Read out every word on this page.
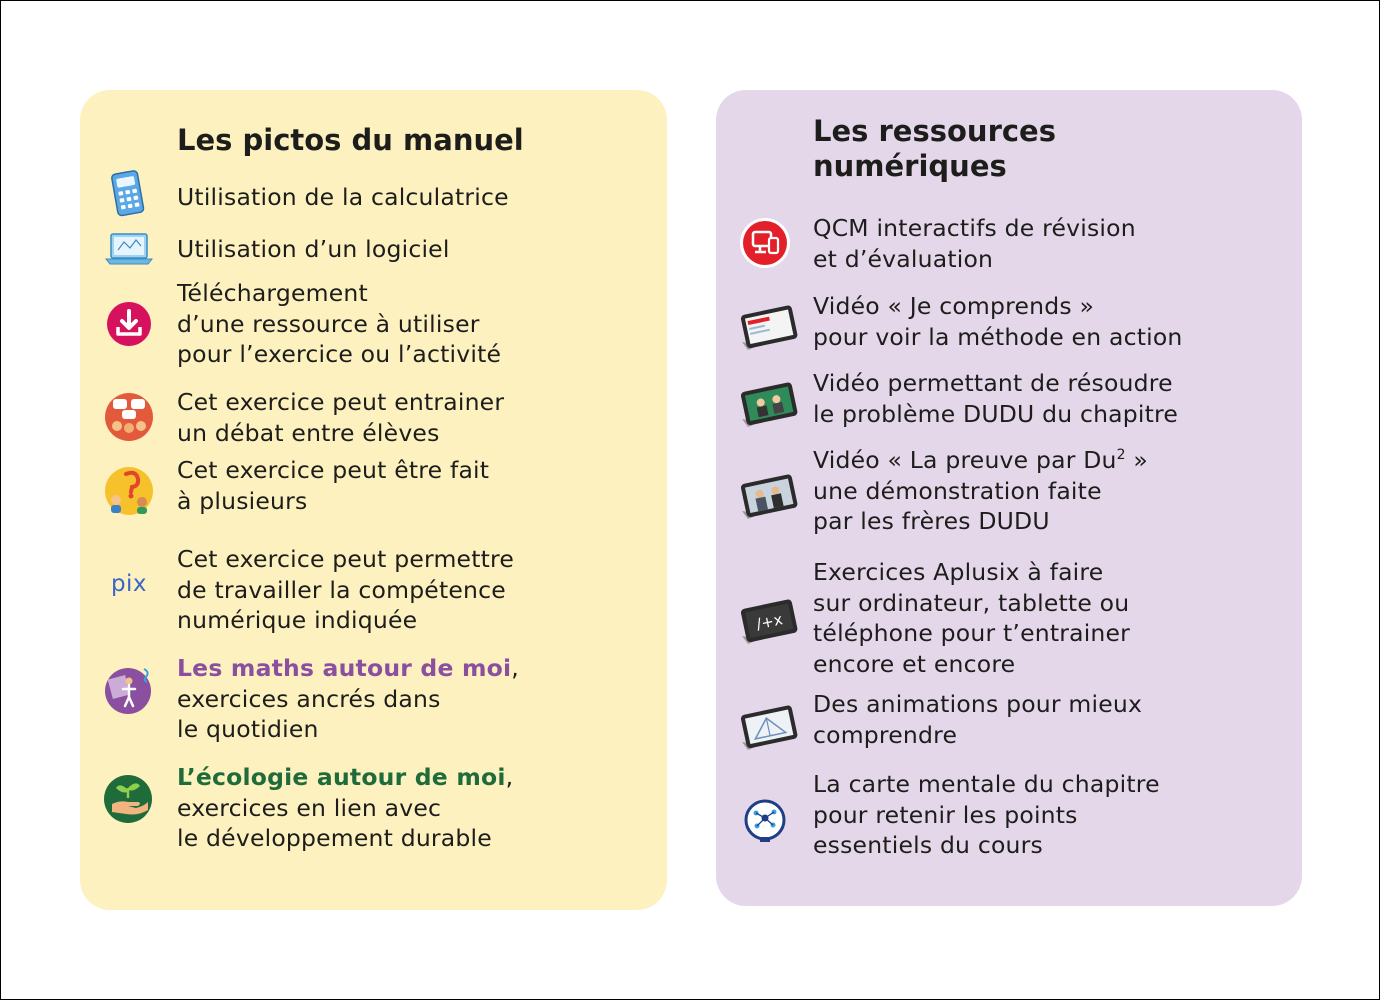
Les pictos du manuel
Utilisation de la calculatrice
Utilisation d’un logiciel
Téléchargement
d’une ressource à utiliser
pour l’exercice ou l’activité
Cet exercice peut entrainer
un débat entre élèves
Cet exercice peut être fait
à plusieurs
pix
Cet exercice peut permettre
de travailler la compétence
numérique indiquée
Les maths autour de moi,
exercices ancrés dans
le quotidien
L’écologie autour de moi,
exercices en lien avec
le développement durable
Les ressources
numériques
QCM interactifs de révision
et d’évaluation
Vidéo « Je comprends »
pour voir la méthode en action
Vidéo permettant de résoudre
le problème DUDU du chapitre
Vidéo « La preuve par Du$^2$ »
une démonstration faite
par les frères DUDU
/+x
Exercices Aplusix à faire
sur ordinateur, tablette ou
téléphone pour t’entrainer
encore et encore
Des animations pour mieux
comprendre
La carte mentale du chapitre
pour retenir les points
essentiels du cours
